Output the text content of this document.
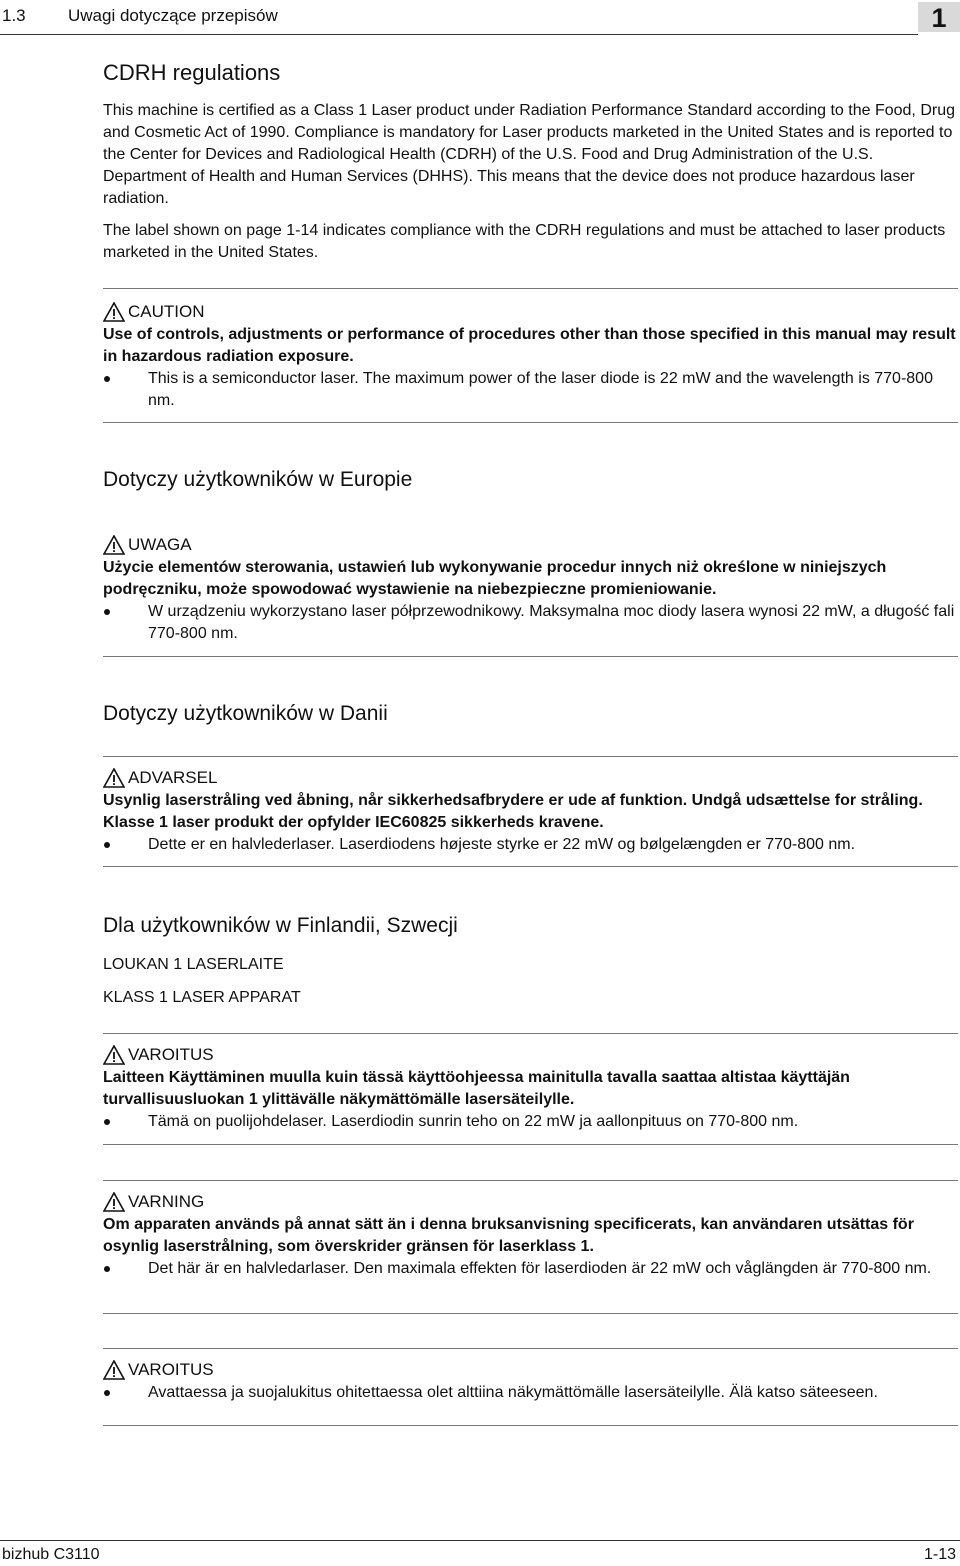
1.3 Uwagi dotyczące przepisów	1
CDRH regulations

This machine is certified as a Class 1 Laser product under Radiation Performance Standard according to the Food, Drug and Cosmetic Act of 1990. Compliance is mandatory for Laser products marketed in the United States and is reported to the Center for Devices and Radiological Health (CDRH) of the U.S. Food and Drug Administration of the U.S. Department of Health and Human Services (DHHS). This means that the device does not produce hazardous laser radiation.

The label shown on page 1-14 indicates compliance with the CDRH regulations and must be attached to laser products marketed in the United States.

CAUTION

Use of controls, adjustments or performance of procedures other than those specified in this manual may result in hazardous radiation exposure.

This is a semiconductor laser. The maximum power of the laser diode is 22 mW and the wavelength is 770-800 nm.
Dotyczy użytkowników w Europie
UWAGA

Użycie elementów sterowania, ustawień lub wykonywanie procedur innych niż określone w niniejszych podręczniku, może spowodować wystawienie na niebezpieczne promieniowanie.

W urządzeniu wykorzystano laser półprzewodnikowy. Maksymalna moc diody lasera wynosi 22 mW, a długość fali 770-800 nm.
Dotyczy użytkowników w Danii
ADVARSEL

Usynlig laserstråling ved åbning, når sikkerhedsafbrydere er ude af funktion. Undgå udsættelse for stråling. Klasse 1 laser produkt der opfylder IEC60825 sikkerheds kravene.

Dette er en halvlederlaser. Laserdiodens højeste styrke er 22 mW og bølgelængden er 770-800 nm.
Dla użytkowników w Finlandii, Szwecji

LOUKAN 1 LASERLAITE

KLASS 1 LASER APPARAT

VAROITUS

Laitteen Käyttäminen muulla kuin tässä käyttöohjeessa mainitulla tavalla saattaa altistaa käyttäjän turvallisuusluokan 1 ylittävälle näkymättömälle lasersäteilylle.

Tämä on puolijohdelaser. Laserdiodin sunrin teho on 22 mW ja aallonpituus on 770-800 nm.
VARNING

Om apparaten används på annat sätt än i denna bruksanvisning specificerats, kan användaren utsättas för osynlig laserstrålning, som överskrider gränsen för laserklass 1.

Det här är en halvledarlaser. Den maximala effekten för laserdioden är 22 mW och våglängden är 770-800 nm.
VAROITUS
Avattaessa ja suojalukitus ohitettaessa olet alttiina näkymättömälle lasersäteilylle. Älä katso säteeseen.
bizhub C3110	1-13
